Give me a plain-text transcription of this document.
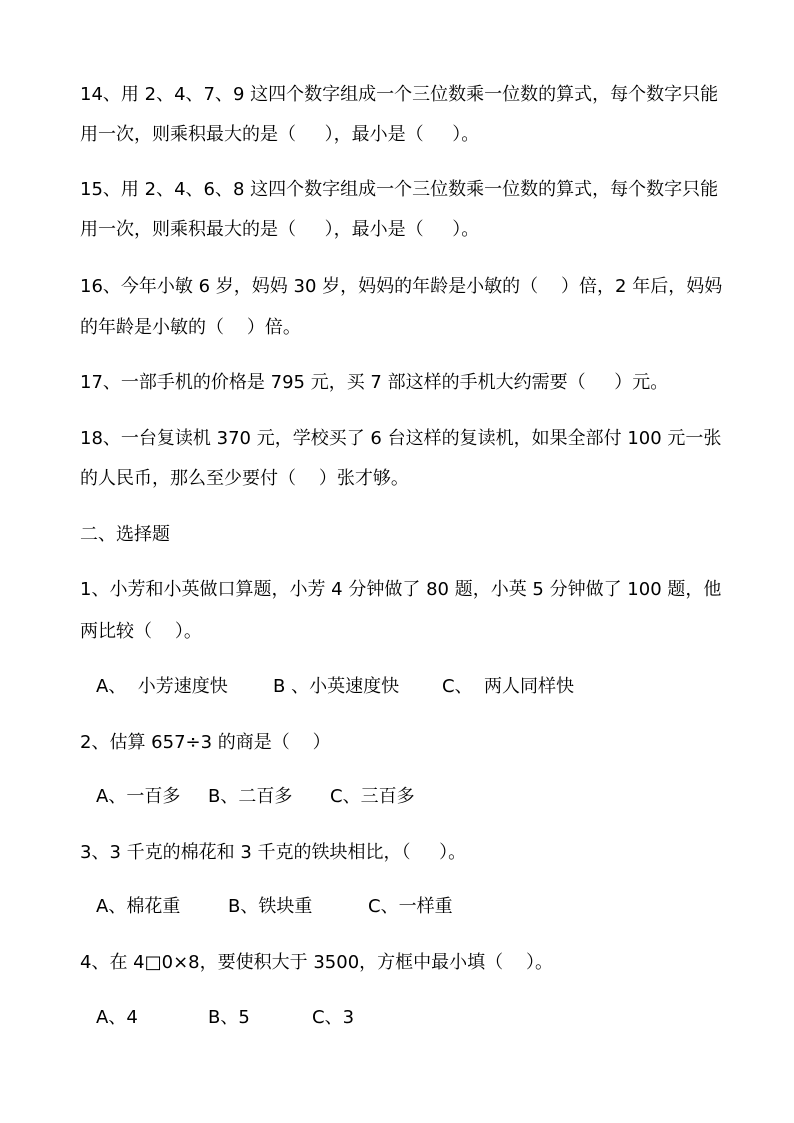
14、用 2、4、7、9 这四个数字组成一个三位数乘一位数的算式，每个数字只能
用一次，则乘积最大的是（     ），最小是（     ）。
15、用 2、4、6、8 这四个数字组成一个三位数乘一位数的算式，每个数字只能
用一次，则乘积最大的是（     ），最小是（     ）。
16、今年小敏 6 岁，妈妈 30 岁，妈妈的年龄是小敏的（    ）倍，2 年后，妈妈
的年龄是小敏的（    ）倍。
17、一部手机的价格是 795 元，买 7 部这样的手机大约需要（     ）元。
18、一台复读机 370 元，学校买了 6 台这样的复读机，如果全部付 100 元一张
的人民币，那么至少要付（    ）张才够。
二、选择题
1、小芳和小英做口算题，小芳 4 分钟做了 80 题，小英 5 分钟做了 100 题，他
两比较（    ）。
A、  小芳速度快	B 、小英速度快 C、  两人同样快
2、估算 657÷3 的商是（    ）
A、一百多 B、二百多 C、三百多
3、3 千克的棉花和 3 千克的铁块相比，（     ）。
A、棉花重	B、铁块重	C、一样重
4、在 4□0×8，要使积大于 3500，方框中最小填（    ）。
A、4	B、5	C、3
